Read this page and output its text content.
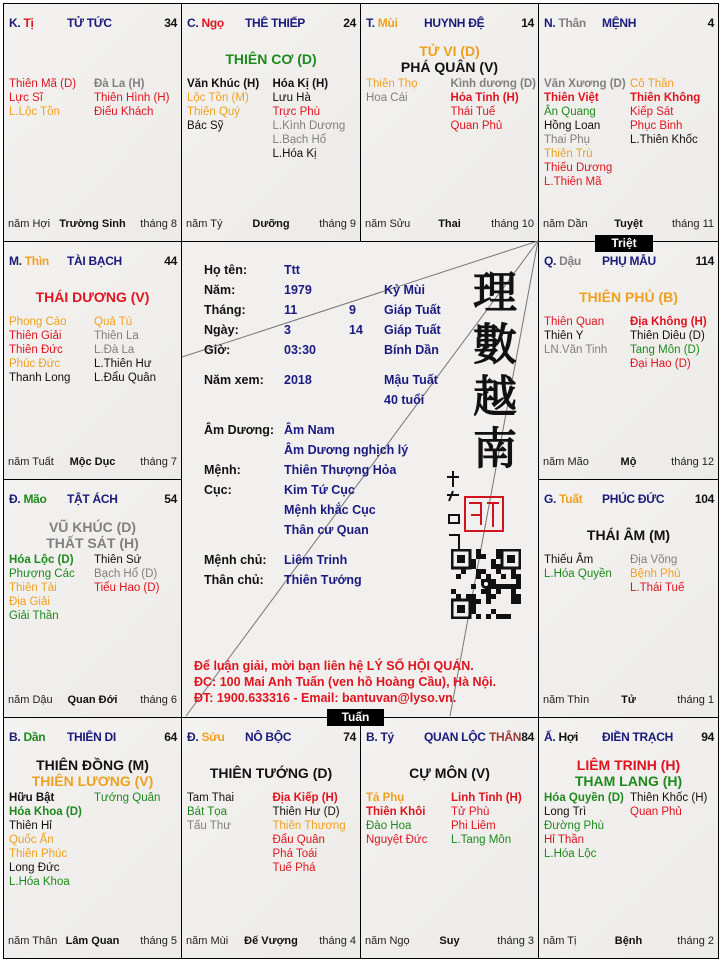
K. Tị	TỬ TỨC	34
Thiên Mã (D)
Lực Sĩ
L.Lộc Tồn
Đà La (H)
Thiên Hình (H)
Điếu Khách
năm Hợi Trường Sinh	tháng 8
C. Ngọ THÊ THIẾP	24
THIÊN CƠ (D)
Văn Khúc (H)
Lộc Tồn (M)
Thiên Quý
Bác Sỹ
Hóa Kị (H)
Lưu Hà
Trực Phù
L.Kình Dương
L.Bạch Hổ
L.Hóa Kị
năm Tý	Dưỡng	tháng 9
T. Mùi HUYNH ĐỆ	14
TỬ VI (D)
PHÁ QUÂN (V)
Thiên Thọ
Hoa Cái
Kình dương (D)
Hỏa Tinh (H)
Thái Tuế
Quan Phủ
năm Sửu	Thai	tháng 10
N. Thân MỆNH	4
Văn Xương (D)
Thiên Việt
Ân Quang
Hồng Loan
Thai Phụ
Thiên Trù
Thiếu Dương
L.Thiên Mã
Cô Thần
Thiên Không
Kiếp Sát
Phục Binh
L.Thiên Khốc
năm Dần	Tuyệt	tháng 11
M. Thìn TÀI BẠCH	44
THÁI DƯƠNG (V)
Phong Cáo
Thiên Giải
Thiên Đức
Phúc Đức
Thanh Long
Quả Tú
Thiên La
L.Đà La
L.Thiên Hư
L.Đẩu Quân
năm Tuất	Mộc Dục	tháng 7
Đ. Mão TẬT ÁCH	54
VŨ KHÚC (D)
THẤT SÁT (H)
Hóa Lộc (D)
Phượng Các
Thiên Tài
Địa Giải
Giải Thần
Thiên Sứ
Bạch Hổ (D)
Tiểu Hao (D)
năm Dậu	Quan Đới	tháng 6
Q. Dậu PHỤ MẪU	114
THIÊN PHỦ (B)
Thiên Quan
Thiên Y
LN.Văn Tinh
Địa Không (H)
Thiên Diêu (D)
Tang Môn (D)
Đại Hao (D)
năm Mão	Mộ	tháng 12
G. Tuất PHÚC ĐỨC	104
THÁI ÂM (M)
Thiếu Âm
L.Hóa Quyền
Địa Võng
Bệnh Phù
L.Thái Tuế
năm Thìn	Tử	tháng 1
B. Dần THIÊN DI	64
THIÊN ĐỒNG (M)
THIÊN LƯƠNG (V)
Hữu Bật
Hóa Khoa (D)
Thiên Hỉ
Quốc Ấn
Thiên Phúc
Long Đức
L.Hóa Khoa
Tướng Quân
năm Thân Lâm Quan	tháng 5
Đ. Sửu NÔ BỘC	74
THIÊN TƯỚNG (D)
Tam Thai
Bát Tọa
Tấu Thư
Địa Kiếp (H)
Thiên Hư (D)
Thiên Thương
Đẩu Quân
Phá Toái
Tuế Phá
năm Mùi	Đế Vượng	tháng 4
B. Tý	QUAN LỘC THÂN 84
CỰ MÔN (V)
Tả Phụ
Thiên Khôi
Đào Hoa
Nguyệt Đức
Linh Tinh (H)
Tử Phù
Phi Liêm
L.Tang Môn
năm Ngọ	Suy	tháng 3
Ấ. Hợi ĐIỀN TRẠCH 94
LIÊM TRINH (H)
THAM LANG (H)
Hóa Quyền (D)
Long Trì
Đường Phù
Hỉ Thần
L.Hóa Lộc
Thiên Khốc (H)
Quan Phủ
năm Tị	Bệnh	tháng 2
Họ tên:	Ttt
Năm:	1979	Kỷ Mùi
Tháng:	11	9 Giáp Tuất
Ngày:	3	14 Giáp Tuất
Giờ:	03:30	Bính Dần
Năm xem: 2018	Mậu Tuất
40 tuổi
Âm Dương: Âm Nam
Âm Dương nghịch lý
Mệnh:	Thiên Thượng Hỏa
Cục:	Kim Tứ Cục
Mệnh khắc Cục
Thân cư Quan
Mệnh chủ: Liêm Trinh
Thân chủ: Thiên Tướng
理數越南
Để luận giải, mời bạn liên hệ LÝ SỐ HỘI QUÁN.
ĐC: 100 Mai Anh Tuấn (ven hồ Hoàng Cầu), Hà Nội.
ĐT: 1900.633316 - Email: bantuvan@lyso.vn.
Triệt
Tuấn
